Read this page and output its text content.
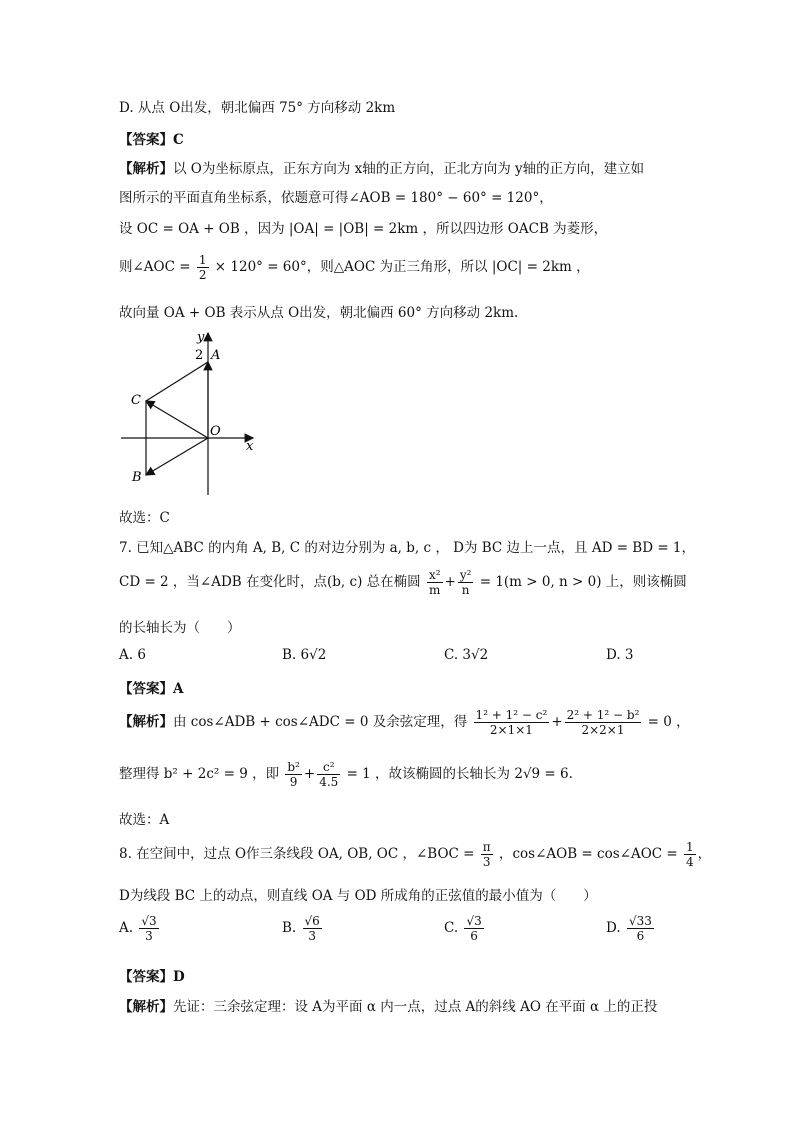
D. 从点 O出发，朝北偏西 75° 方向移动 2km
【答案】C
【解析】以 O为坐标原点，正东方向为 x轴的正方向，正北方向为 y轴的正方向，建立如
图所示的平面直角坐标系，依题意可得∠AOB = 180° − 60° = 120°，
设 OC = OA + OB ，因为 |OA| = |OB| = 2km ，所以四边形 OACB 为菱形，
则∠AOC = $\frac{1}{2} \times 120^\circ = 60^\circ$，则△AOC 为正三角形，所以 |OC| = 2km ，
故向量 OA + OB 表示从点 O出发，朝北偏西 60° 方向移动 2km.
y
2 A
C
O
x
B
故选：C
7. 已知△ABC 的内角 A, B, C 的对边分别为 a, b, c ， D为 BC 边上一点，且 AD = BD = 1，
CD = 2 ，当∠ADB 在变化时，点(b, c) 总在椭圆 $\frac{\text{x²}}{m} + \frac{\text{y²}}{n} = 1(m > 0$, n > 0) 上，则该椭圆
的长轴长为（　　）
A. 6	B. 6√2	C. 3√2	D. 3
【答案】A
【解析】由 cos∠ADB + cos∠ADC = 0 及余弦定理，得 $\frac{\text{1² + 1² − c²}}{2\times 1\times 1} + \frac{\text{2² + 1² − b²}}{2\times 2\times 1} = 0$ ，
整理得 b² + 2c² = 9 ，即 $\frac{\text{b²}}{9} + \frac{\text{c²}}{4.5} = 1$ ，故该椭圆的长轴长为 2√9 = 6.
故选：A
8. 在空间中，过点 O作三条线段 OA, OB, OC ，∠BOC = $\frac{\pi}{3}$ ，cos∠AOB = cos∠AOC = $\frac{1}{4}$ ，
D为线段 BC 上的动点，则直线 OA 与 OD 所成角的正弦值的最小值为（　　）
A. $\frac{√3}{3}$	B. $\frac{√6}{3}$	C. $\frac{√3}{6}$	D. $\frac{√33}{6}$
【答案】D
【解析】先证：三余弦定理：设 A为平面 α 内一点，过点 A的斜线 AO 在平面 α 上的正投
